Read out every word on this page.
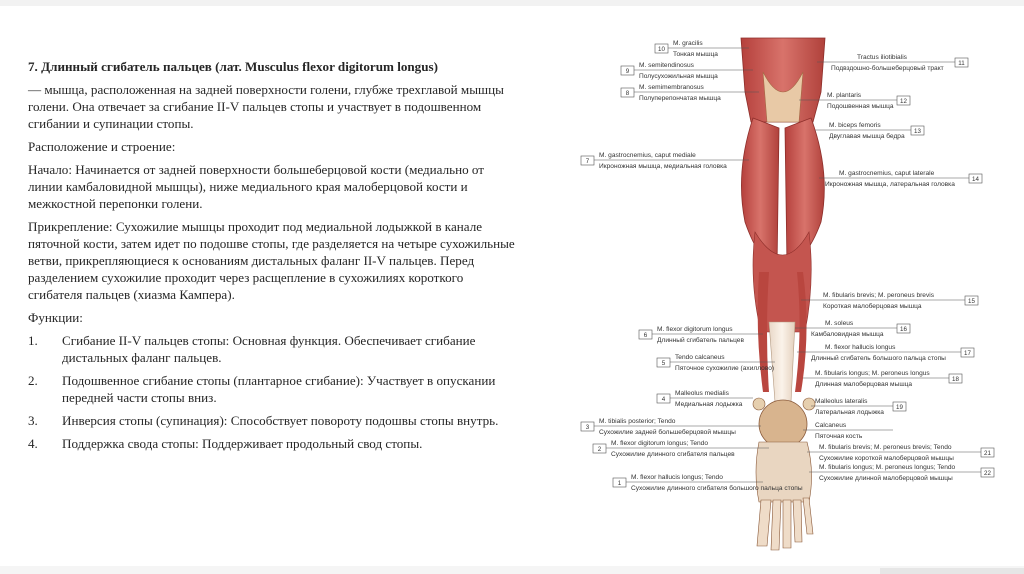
7. Длинный сгибатель пальцев (лат. Musculus flexor digitorum longus)

— мышца, расположенная на задней поверхности голени, глубже трехглавой мышцы голени. Она отвечает за сгибание II-V пальцев стопы и участвует в подошвенном сгибании и супинации стопы.

Расположение и строение:

Начало: Начинается от задней поверхности большеберцовой кости (медиально от линии камбаловидной мышцы), ниже медиального края малоберцовой кости и межкостной перепонки голени.

Прикрепление: Сухожилие мышцы проходит под медиальной лодыжкой в канале пяточной кости, затем идет по подошве стопы, где разделяется на четыре сухожильные ветви, прикрепляющиеся к основаниям дистальных фаланг II-V пальцев. Перед разделением сухожилие проходит через расщепление в сухожилиях короткого сгибателя пальцев (хиазма Кампера).

Функции:

1.	Сгибание II-V пальцев стопы: Основная функция. Обеспечивает сгибание дистальных фаланг пальцев.
2.	Подошвенное сгибание стопы (плантарное сгибание): Участвует в опускании передней части стопы вниз.
3.	Инверсия стопы (супинация): Способствует повороту подошвы стопы внутрь.
4.	Поддержка свода стопы: Поддерживает продольный свод стопы.
10
M. gracilis
Тонкая мышца
9
M. semitendinosus
Полусухожильная мышца
8
M. semimembranosus
Полуперепончатая мышца
7
M. gastrocnemius, caput mediale
Икроножная мышца, медиальная головка
6
M. flexor digitorum longus
Длинный сгибатель пальцев
5
Tendo calcaneus
Пяточное сухожилие (ахиллово)
4
Malleolus medialis
Медиальная лодыжка
3
M. tibialis posterior; Tendo
Сухожилие задней большеберцовой мышцы
2
M. flexor digitorum longus; Tendo
Сухожилие длинного сгибателя пальцев
1
M. flexor hallucis longus; Tendo
Сухожилие длинного сгибателя большого пальца стопы
11
Tractus iliotibialis
Подвздошно-большеберцовый тракт
12
M. plantaris
Подошвенная мышца
13
M. biceps femoris
Двуглавая мышца бедра
14
M. gastrocnemius, caput laterale
Икроножная мышца, латеральная головка
15
M. fibularis brevis; M. peroneus brevis
Короткая малоберцовая мышца
16
M. soleus
Камбаловидная мышца
17
M. flexor hallucis longus
Длинный сгибатель большого пальца стопы
18
M. fibularis longus; M. peroneus longus
Длинная малоберцовая мышца
19
Malleolus lateralis
Латеральная лодыжка
Calcaneus
Пяточная кость
21
M. fibularis brevis; M. peroneus brevis; Tendo
Сухожилие короткой малоберцовой мышцы
22
M. fibularis longus; M. peroneus longus; Tendo
Сухожилие длинной малоберцовой мышцы
